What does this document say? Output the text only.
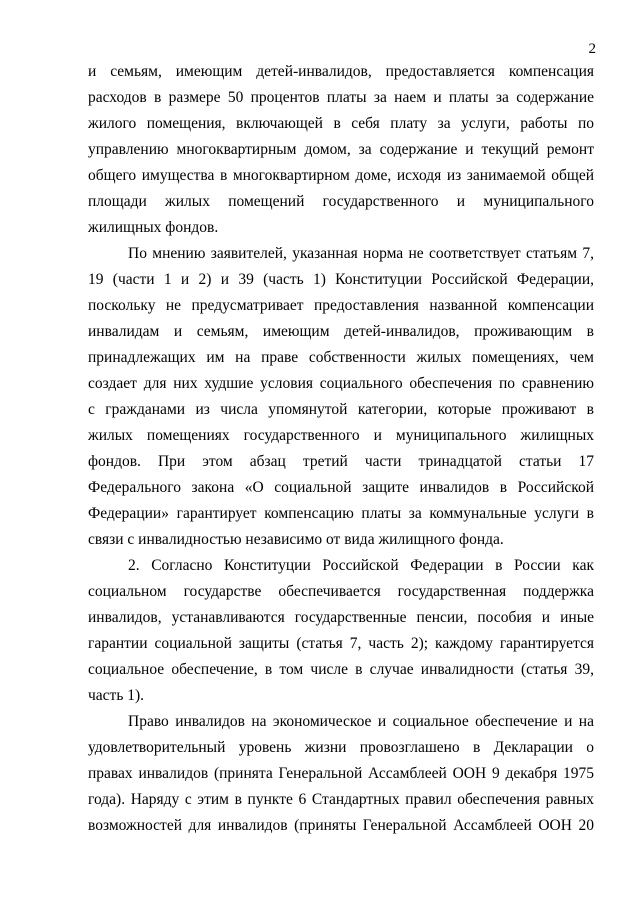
2
и семьям, имеющим детей-инвалидов, предоставляется компенсация
расходов в размере 50 процентов платы за наем и платы за содержание
жилого помещения, включающей в себя плату за услуги, работы по
управлению многоквартирным домом, за содержание и текущий ремонт
общего имущества в многоквартирном доме, исходя из занимаемой общей
площади жилых помещений государственного и муниципального
жилищных фондов.
По мнению заявителей, указанная норма не соответствует статьям 7,
19 (части 1 и 2) и 39 (часть 1) Конституции Российской Федерации,
поскольку не предусматривает предоставления названной компенсации
инвалидам и семьям, имеющим детей-инвалидов, проживающим в
принадлежащих им на праве собственности жилых помещениях, чем
создает для них худшие условия социального обеспечения по сравнению
с гражданами из числа упомянутой категории, которые проживают в
жилых помещениях государственного и муниципального жилищных
фондов. При этом абзац третий части тринадцатой статьи 17
Федерального закона «О социальной защите инвалидов в Российской
Федерации» гарантирует компенсацию платы за коммунальные услуги в
связи с инвалидностью независимо от вида жилищного фонда.
2. Согласно Конституции Российской Федерации в России как
социальном государстве обеспечивается государственная поддержка
инвалидов, устанавливаются государственные пенсии, пособия и иные
гарантии социальной защиты (статья 7, часть 2); каждому гарантируется
социальное обеспечение, в том числе в случае инвалидности (статья 39,
часть 1).
Право инвалидов на экономическое и социальное обеспечение и на
удовлетворительный уровень жизни провозглашено в Декларации о
правах инвалидов (принята Генеральной Ассамблеей ООН 9 декабря 1975
года). Наряду с этим в пункте 6 Стандартных правил обеспечения равных
возможностей для инвалидов (приняты Генеральной Ассамблеей ООН 20
